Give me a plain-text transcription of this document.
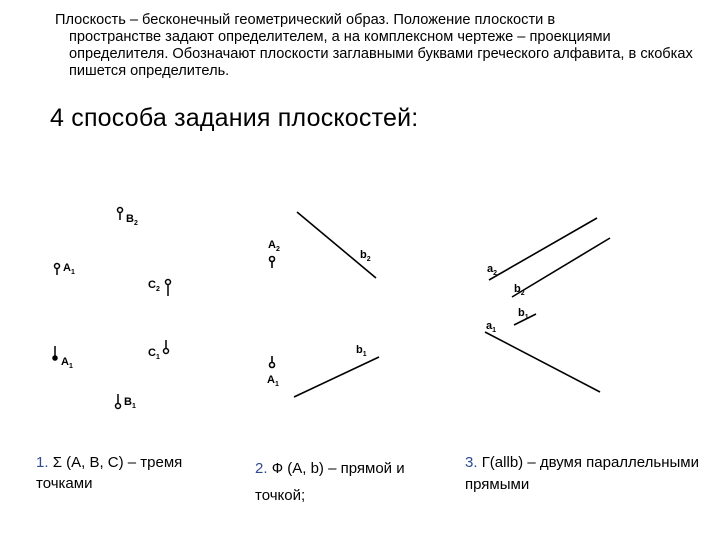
Плоскость – бесконечный геометрический образ. Положение плоскости в
пространстве задают определителем, а на комплексном чертеже – проекциями определителя. Обозначают плоскости заглавными буквами греческого алфавита, в скобках пишется определитель.
4 способа задания плоскостей:
$B_2$
$A_1$
$C_2$
$C_1$
$A_1$
$B_1$
$A_2$	$b_2$
$b_1$
$A_1$
$a_2$
$b_2$
$b_1$
$a_1$
1. Σ (А, В, С) – тремя точками
2. Ф (А, b) – прямой и точкой;
3. Г(аllb) – двумя параллельными прямыми
